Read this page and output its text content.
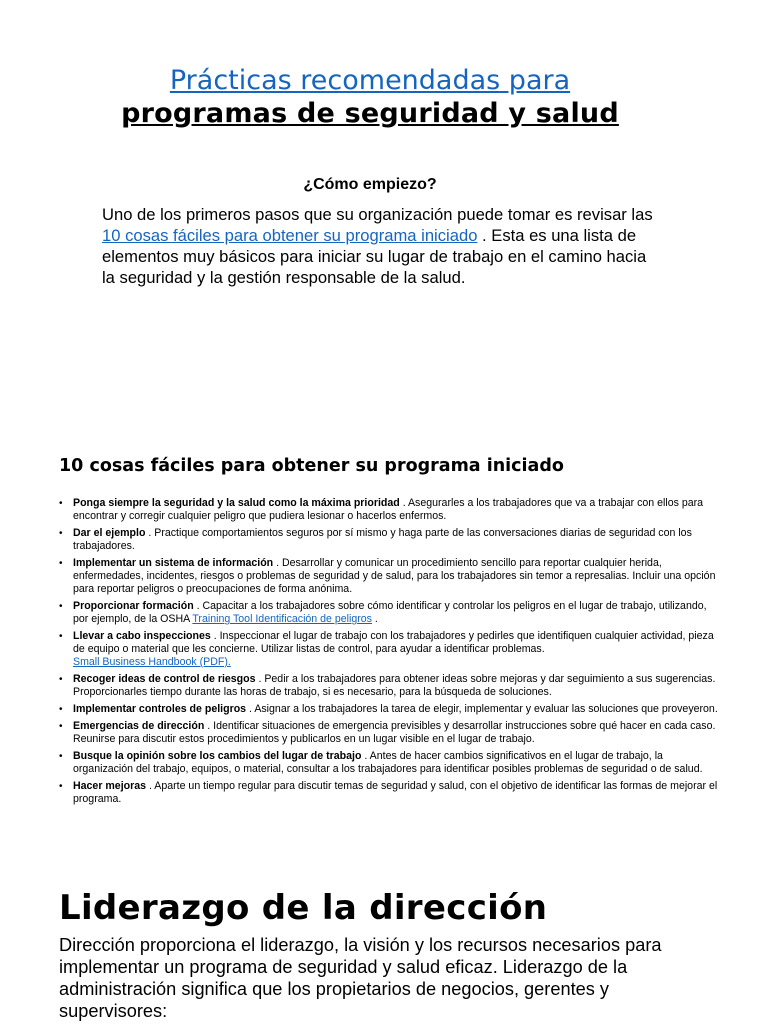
Prácticas recomendadas para
programas de seguridad y salud
¿Cómo empiezo?
Uno de los primeros pasos que su organización puede tomar es revisar las 10 cosas fáciles para obtener su programa iniciado . Esta es una lista de elementos muy básicos para iniciar su lugar de trabajo en el camino hacia la seguridad y la gestión responsable de la salud.
10 cosas fáciles para obtener su programa iniciado
• Ponga siempre la seguridad y la salud como la máxima prioridad . Asegurarles a los trabajadores que va a trabajar con ellos para encontrar y corregir cualquier peligro que pudiera lesionar o hacerlos enfermos.
• Dar el ejemplo . Practique comportamientos seguros por sí mismo y haga parte de las conversaciones diarias de seguridad con los trabajadores.
• Implementar un sistema de información . Desarrollar y comunicar un procedimiento sencillo para reportar cualquier herida, enfermedades, incidentes, riesgos o problemas de seguridad y de salud, para los trabajadores sin temor a represalias. Incluir una opción para reportar peligros o preocupaciones de forma anónima.
• Proporcionar formación . Capacitar a los trabajadores sobre cómo identificar y controlar los peligros en el lugar de trabajo, utilizando, por ejemplo, de la OSHA Training Tool Identificación de peligros .
• Llevar a cabo inspecciones . Inspeccionar el lugar de trabajo con los trabajadores y pedirles que identifiquen cualquier actividad, pieza de equipo o material que les concierne. Utilizar listas de control, para ayudar a identificar problemas.
Small Business Handbook (PDF).
• Recoger ideas de control de riesgos . Pedir a los trabajadores para obtener ideas sobre mejoras y dar seguimiento a sus sugerencias. Proporcionarles tiempo durante las horas de trabajo, si es necesario, para la búsqueda de soluciones.
• Implementar controles de peligros . Asignar a los trabajadores la tarea de elegir, implementar y evaluar las soluciones que proveyeron.
• Emergencias de dirección . Identificar situaciones de emergencia previsibles y desarrollar instrucciones sobre qué hacer en cada caso. Reunirse para discutir estos procedimientos y publicarlos en un lugar visible en el lugar de trabajo.
• Busque la opinión sobre los cambios del lugar de trabajo . Antes de hacer cambios significativos en el lugar de trabajo, la organización del trabajo, equipos, o material, consultar a los trabajadores para identificar posibles problemas de seguridad o de salud.
• Hacer mejoras . Aparte un tiempo regular para discutir temas de seguridad y salud, con el objetivo de identificar las formas de mejorar el programa.
Liderazgo de la dirección
Dirección proporciona el liderazgo, la visión y los recursos necesarios para implementar un programa de seguridad y salud eficaz. Liderazgo de la administración significa que los propietarios de negocios, gerentes y supervisores:
